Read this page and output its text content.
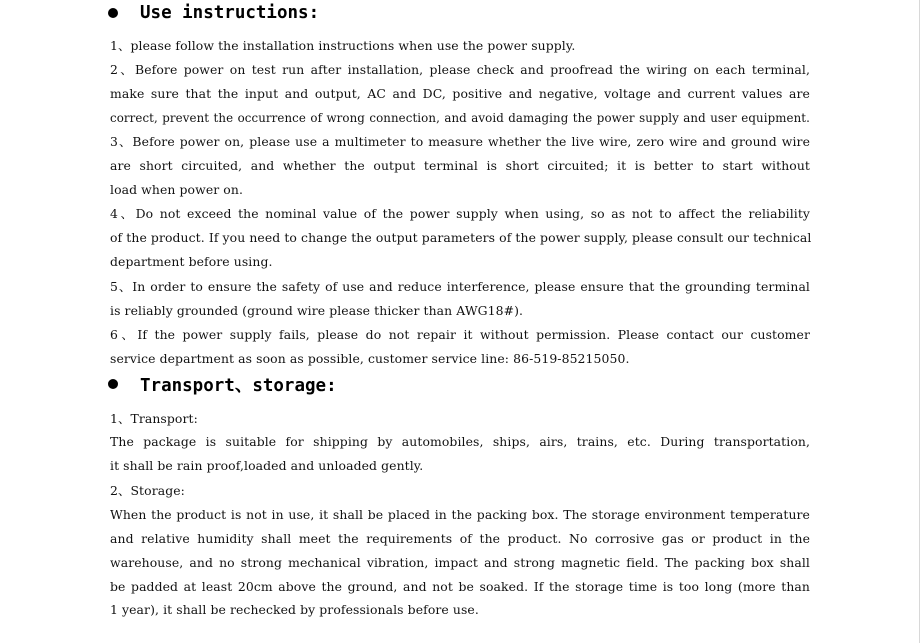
Use instructions:
1、please follow the installation instructions when use the power supply.
2、Before power on test run after installation, please check and proofread the wiring on each terminal,
make sure that the input and output, AC and DC, positive and negative, voltage and current values are
correct, prevent the occurrence of wrong connection, and avoid damaging the power supply and user equipment.
3、Before power on, please use a multimeter to measure whether the live wire, zero wire and ground wire
are short circuited, and whether the output terminal is short circuited; it is better to start without
load when power on.
4、Do not exceed the nominal value of the power supply when using, so as not to affect the reliability
of the product. If you need to change the output parameters of the power supply, please consult our technical
department before using.
5、In order to ensure the safety of use and reduce interference, please ensure that the grounding terminal
is reliably grounded (ground wire please thicker than AWG18#).
6、If the power supply fails, please do not repair it without permission. Please contact our customer
service department as soon as possible, customer service line: 86-519-85215050.
Transport、storage:
1、Transport:
The package is suitable for shipping by automobiles, ships, airs, trains, etc. During transportation,
it shall be rain proof,loaded and unloaded gently.
2、Storage:
When the product is not in use, it shall be placed in the packing box. The storage environment temperature
and relative humidity shall meet the requirements of the product. No corrosive gas or product in the
warehouse, and no strong mechanical vibration, impact and strong magnetic field. The packing box shall
be padded at least 20cm above the ground, and not be soaked. If the storage time is too long (more than
1 year), it shall be rechecked by professionals before use.
